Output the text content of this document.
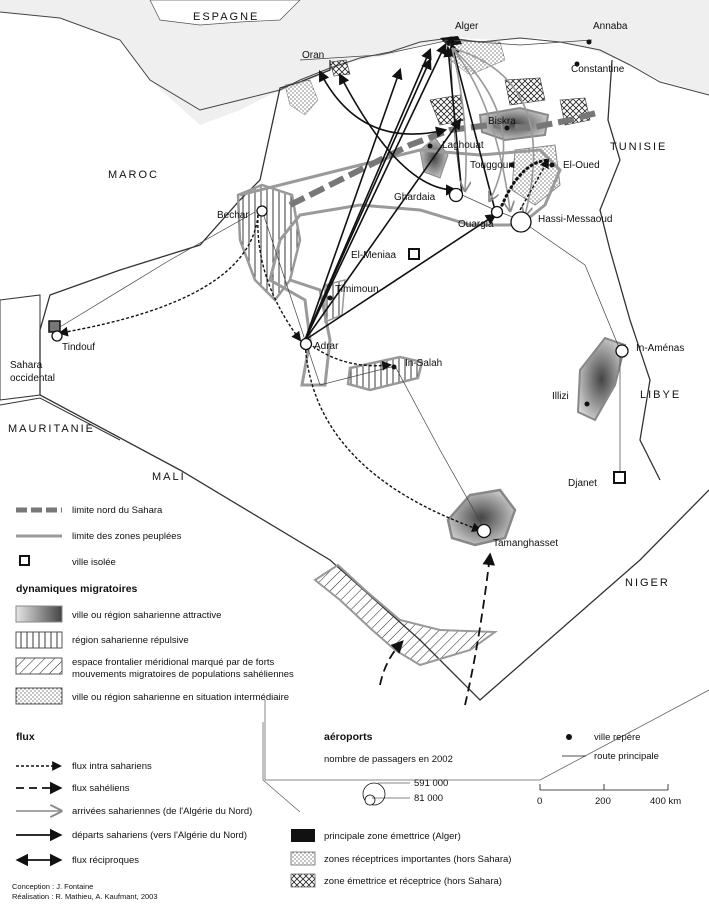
ESPAGNE
TUNISIE
MAROC
Sahara
occidental
MAURITANIE
MALI
LIBYE
NIGER
Alger	Annaba
Oran
Constantine
Biskra
Laghouat
Touggourt	El-Oued
Ghardaia
Hassi-Messaoud
Ouargla
Bechar
El-Meniaa
Timimoun
Tindouf	Adrar
In-Salah
In-Aménas
Illizi
Djanet
Tamanghasset
limite nord du Sahara
limite des zones peuplées
ville isolée
dynamiques migratoires
ville ou région saharienne attractive
région saharienne répulsive
espace frontalier méridional marqué par de forts
mouvements migratoires de populations sahéliennes
ville ou région saharienne en situation intermédiaire
flux
flux intra sahariens
flux sahéliens
arrivées sahariennes (de l'Algérie du Nord)
départs sahariens (vers l'Algérie du Nord)
flux réciproques
aéroports
nombre de passagers en 2002
591 000
81 000
principale zone émettrice (Alger)
zones réceptrices importantes (hors Sahara)
zone émettrice et réceptrice (hors Sahara)
ville repère
route principale
0	200	400 km
Conception : J. Fontaine
Réalisation : R. Mathieu, A. Kaufmant, 2003
